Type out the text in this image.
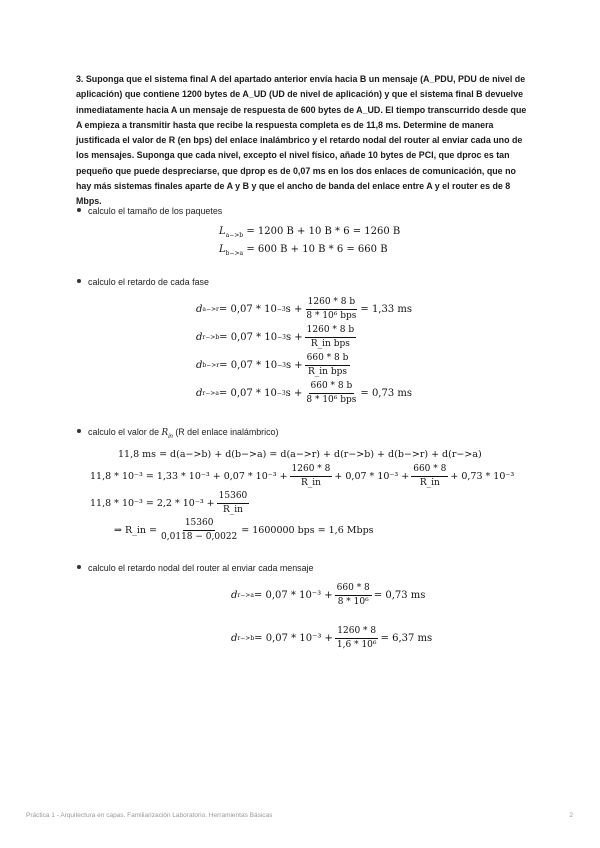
3. Suponga que el sistema final A del apartado anterior envía hacia B un mensaje (A_PDU, PDU de nivel de aplicación) que contiene 1200 bytes de A_UD (UD de nivel de aplicación) y que el sistema final B devuelve inmediatamente hacia A un mensaje de respuesta de 600 bytes de A_UD. El tiempo transcurrido desde que A empieza a transmitir hasta que recibe la respuesta completa es de 11,8 ms. Determine de manera justificada el valor de R (en bps) del enlace inalámbrico y el retardo nodal del router al enviar cada uno de los mensajes. Suponga que cada nivel, excepto el nivel físico, añade 10 bytes de PCI, que dproc es tan pequeño que puede despreciarse, que dprop es de 0,07 ms en los dos enlaces de comunicación, que no hay más sistemas finales aparte de A y B y que el ancho de banda del enlace entre A y el router es de 8 Mbps.
calculo el tamaño de los paquetes
$L_{a->b} = 1200$ B + 10 B * 6 = 1260 B
$L_{b->a} = 600$ B + 10 B * 6 = 660 B
calculo el retardo de cada fase
d a−>r = 0,07 * 10 −3 $s + \frac{1260 * 8 b}{\text{8 * 10⁶ bps}} = 1,33$ ms
d r−>b = 0,07 * 10 −3 $s + \frac{1260 * 8 b}{\text{R\_in bps}}$
d b−>r = 0,07 * 10 −3 $s + \frac{660 * 8 b}{\text{R\_in bps}}$
d r−>a = 0,07 * 10 −3 $s + \frac{660 * 8 b}{\text{8 * 10⁶ bps}} = 0,73$ ms
calculo el valor de $R_{in}$ (R del enlace inalámbrico)
11,8 ms = d(a−>b) + d(b−>a) = d(a−>r) + d(r−>b) + d(b−>r) + d(r−>a)
$11,8 * 10^{-3} = 1,33 * 10^{-3} + 0,07 * 10^{-3} + \frac{1260 * 8}{R\_in} + 0,07 * 10^{-3} + \frac{660 * 8}{R\_in} + 0,73 * 10^{-3}$
$11,8 * 10^{-3} = 2,2 * 10^{-3} + \frac{15360}{R\_in}$
⇒ R_in = $\frac{15360}{0,0118 - 0,0022} = 1600000$ bps = 1,6 Mbps
calculo el retardo nodal del router al enviar cada mensaje
d $r->a = 0,07 * 10^{-3} + \frac{660 * 8}{\text{8 * 10⁶}} = 0,73$ ms
d $r->b = 0,07 * 10^{-3} + \frac{1260 * 8}{\text{1,6 * 10⁶}} = 6,37$ ms
Práctica 1 - Arquitectura en capas. Familiarización Laboratorio. Herramientas Básicas	2
